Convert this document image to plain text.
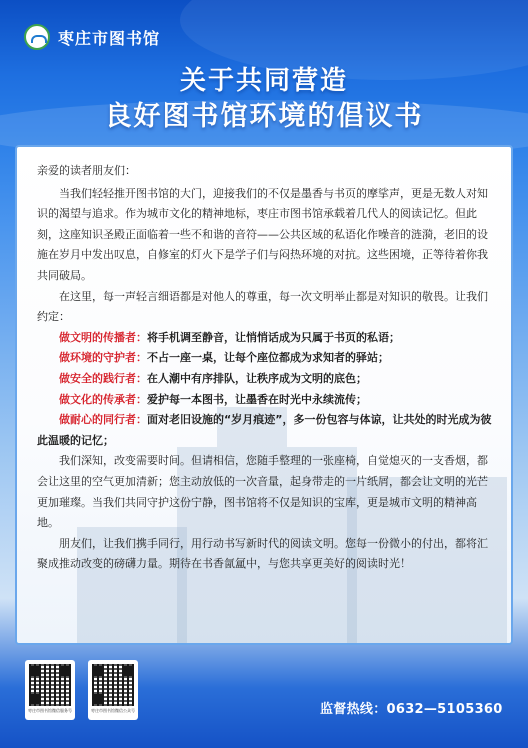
枣庄市图书馆
关于共同营造
良好图书馆环境的倡议书

亲爱的读者朋友们：

当我们轻轻推开图书馆的大门，迎接我们的不仅是墨香与书页的摩挲声，更是无数人对知识的渴望与追求。作为城市文化的精神地标，枣庄市图书馆承载着几代人的阅读记忆。但此刻，这座知识圣殿正面临着一些不和谐的音符——公共区域的私语化作噪音的涟漪，老旧的设施在岁月中发出叹息，自修室的灯火下是学子们与闷热环境的对抗。这些困境，正等待着你我共同破局。

在这里，每一声轻言细语都是对他人的尊重，每一次文明举止都是对知识的敬畏。让我们约定：

做文明的传播者：将手机调至静音，让悄悄话成为只属于书页的私语；

做环境的守护者：不占一座一桌，让每个座位都成为求知者的驿站；

做安全的践行者：在人潮中有序排队，让秩序成为文明的底色；

做文化的传承者：爱护每一本图书，让墨香在时光中永续流传；

做耐心的同行者：面对老旧设施的“岁月痕迹”，多一份包容与体谅，让共处的时光成为彼此温暖的记忆；

我们深知，改变需要时间。但请相信，您随手整理的一张座椅，自觉熄灭的一支香烟，都会让这里的空气更加清新；您主动放低的一次音量，起身带走的一片纸屑，都会让文明的光芒更加璀璨。当我们共同守护这份宁静，图书馆将不仅是知识的宝库，更是城市文明的精神高地。

朋友们，让我们携手同行，用行动书写新时代的阅读文明。您每一份微小的付出，都将汇聚成推动改变的磅礴力量。期待在书香氤氲中，与您共享更美好的阅读时光！

枣庄市图书馆微信服务号	枣庄市图书馆微信公众号	监督热线：0632—5105360
